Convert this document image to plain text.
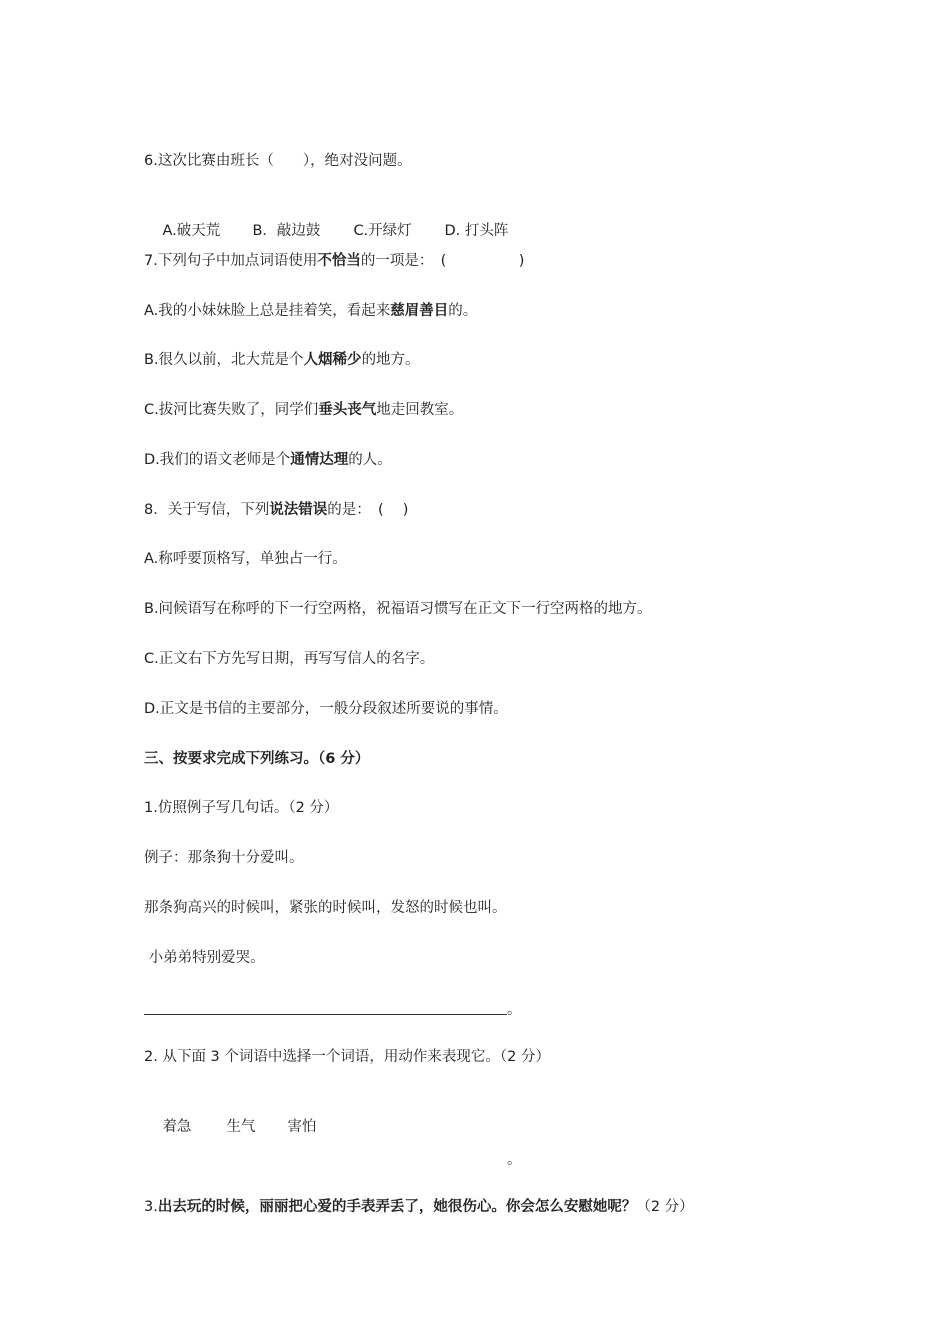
6.这次比赛由班长（　　），绝对没问题。

A.破天荒 B．敲边鼓 C.开绿灯 D. 打头阵

7.下列句子中加点词语使用不恰当的一项是：　(　　　　　)
A.我的小妹妹脸上总是挂着笑，看起来慈眉善目的。
B.很久以前，北大荒是个人烟稀少的地方。
C.拔河比赛失败了，同学们垂头丧气地走回教室。
D.我们的语文老师是个通情达理的人。
8．关于写信，下列说法错误的是：　(　 )
A.称呼要顶格写，单独占一行。
B.问候语写在称呼的下一行空两格，祝福语习惯写在正文下一行空两格的地方。
C.正文右下方先写日期，再写写信人的名字。
D.正文是书信的主要部分，一般分段叙述所要说的事情。
三、按要求完成下列练习。（6 分）
1.仿照例子写几句话。（2 分）
例子：那条狗十分爱叫。
那条狗高兴的时候叫，紧张的时候叫，发怒的时候也叫。
小弟弟特别爱哭。
。
2. 从下面 3 个词语中选择一个词语，用动作来表现它。（2 分）

着急 生气 害怕

。
3.出去玩的时候，丽丽把心爱的手表弄丢了，她很伤心。你会怎么安慰她呢？（2 分）
